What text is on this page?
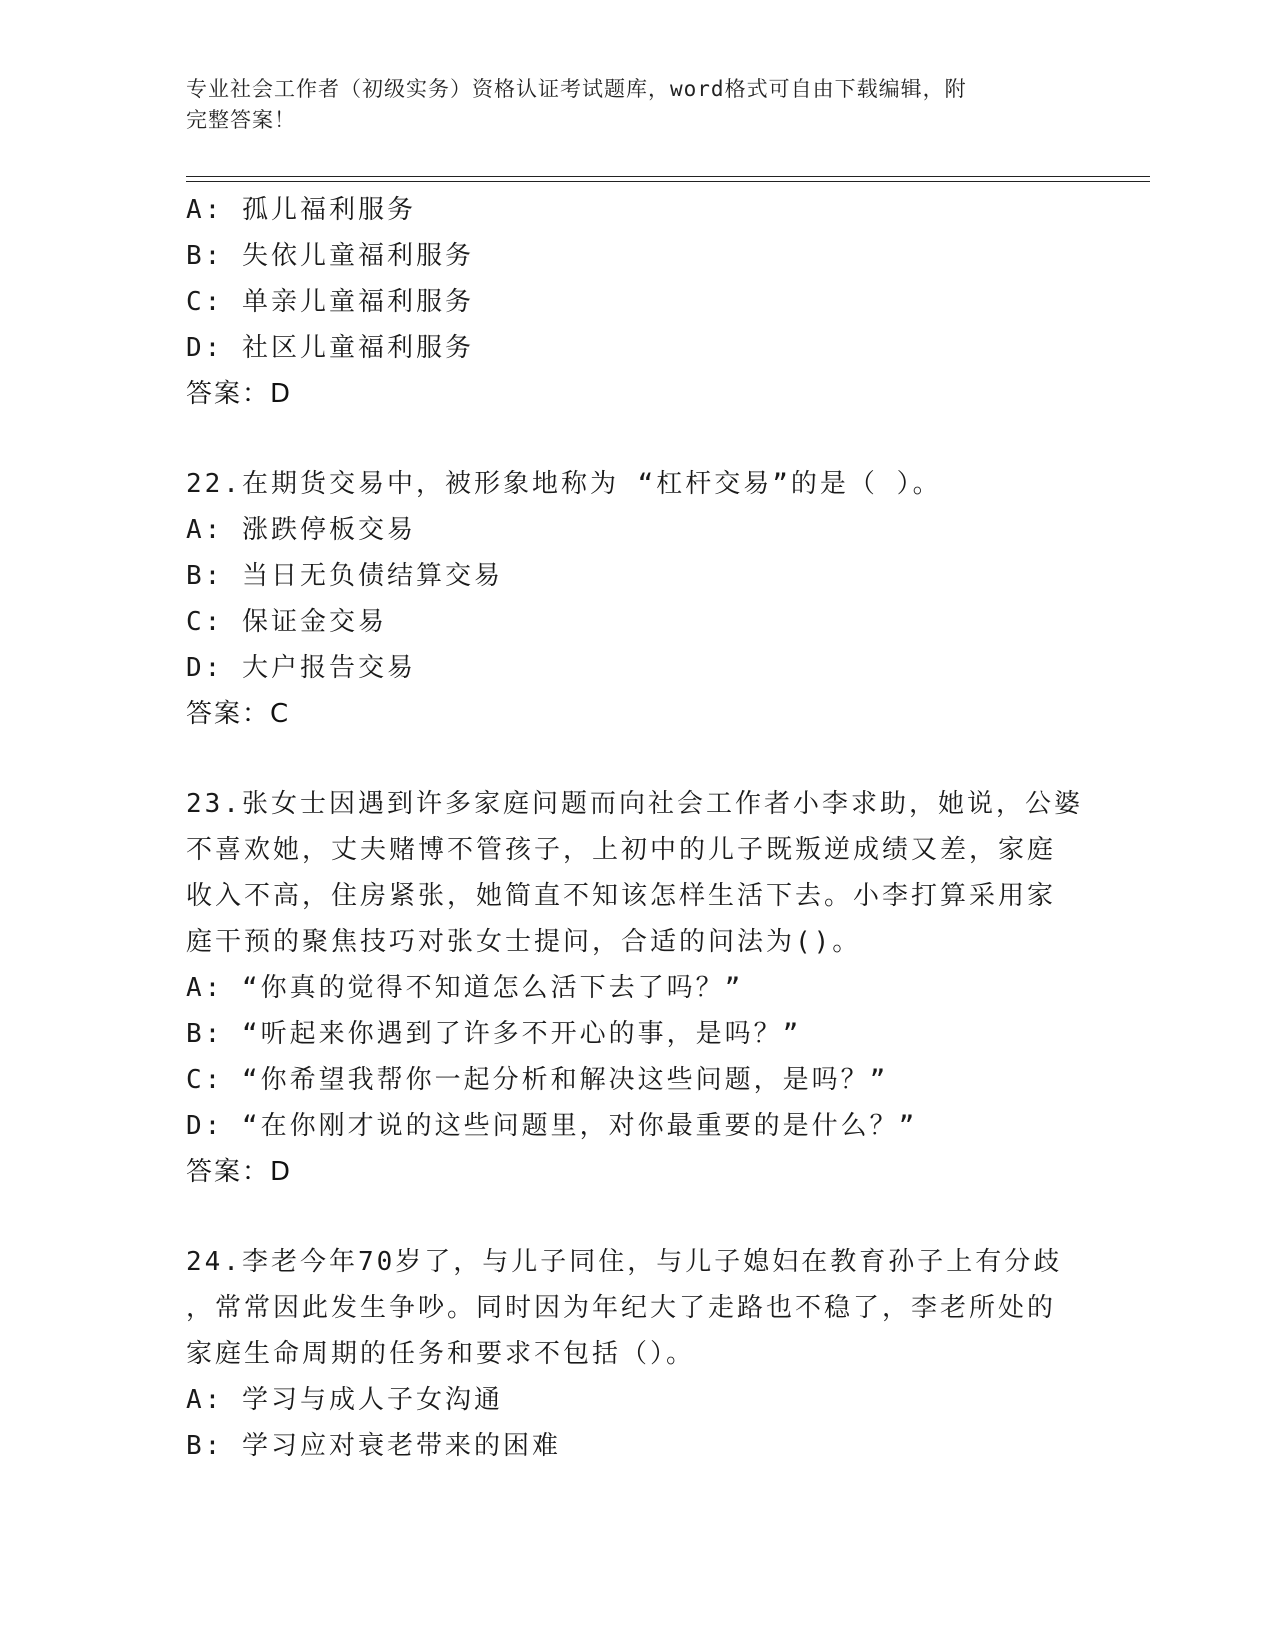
专业社会工作者（初级实务）资格认证考试题库，word格式可自由下载编辑，附
完整答案！
A: 孤儿福利服务
B: 失依儿童福利服务
C: 单亲儿童福利服务
D: 社区儿童福利服务
答案：D
22.在期货交易中，被形象地称为 “杠杆交易”的是（ ）。
A: 涨跌停板交易
B: 当日无负债结算交易
C: 保证金交易
D: 大户报告交易
答案：C
23.张女士因遇到许多家庭问题而向社会工作者小李求助，她说，公婆
不喜欢她，丈夫赌博不管孩子，上初中的儿子既叛逆成绩又差，家庭
收入不高，住房紧张，她简直不知该怎样生活下去。小李打算采用家
庭干预的聚焦技巧对张女士提问，合适的问法为()。
A: “你真的觉得不知道怎么活下去了吗？”
B: “听起来你遇到了许多不开心的事，是吗？”
C: “你希望我帮你一起分析和解决这些问题，是吗？”
D: “在你刚才说的这些问题里，对你最重要的是什么？”
答案：D
24.李老今年70岁了，与儿子同住，与儿子媳妇在教育孙子上有分歧
，常常因此发生争吵。同时因为年纪大了走路也不稳了，李老所处的
家庭生命周期的任务和要求不包括（）。
A: 学习与成人子女沟通
B: 学习应对衰老带来的困难
